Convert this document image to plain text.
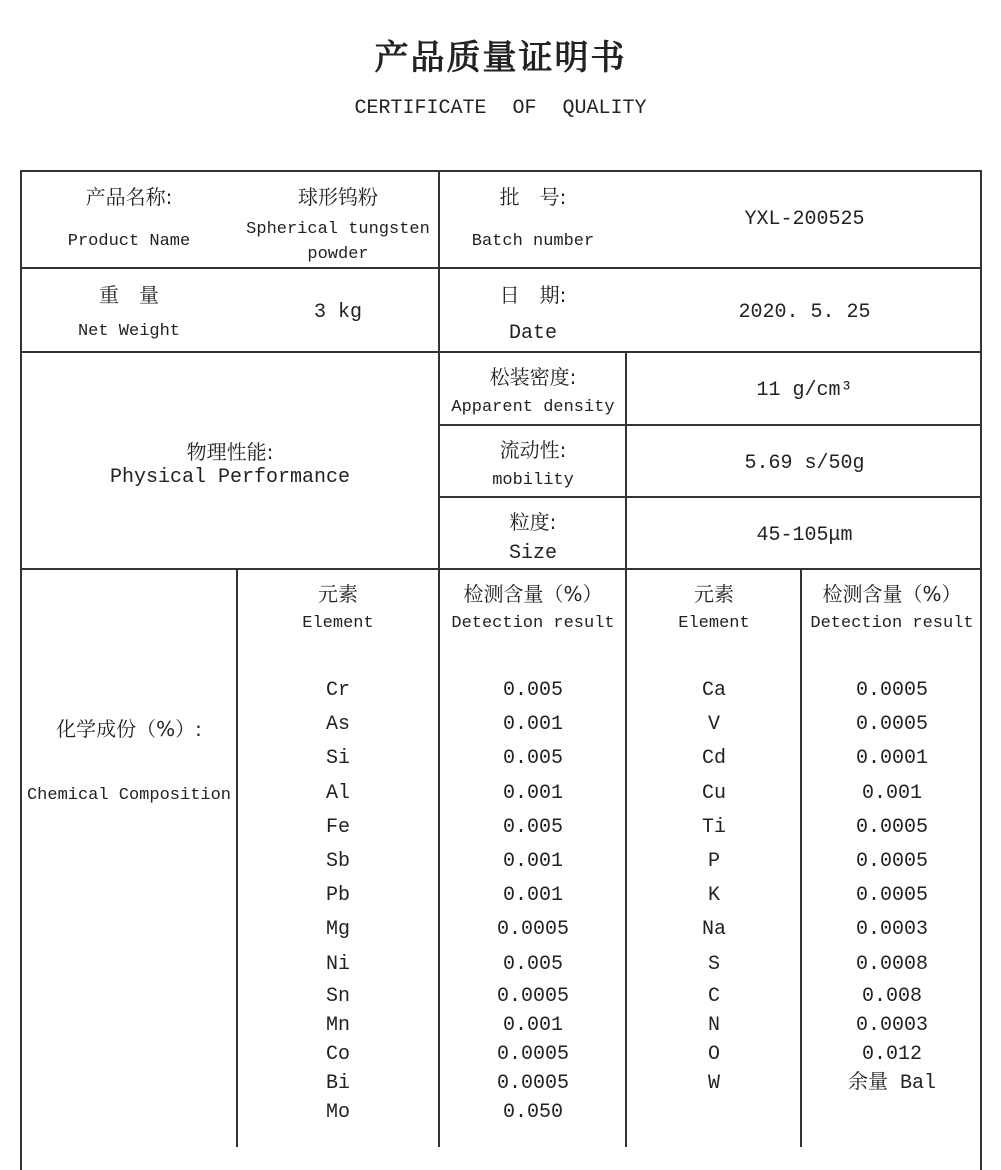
产品质量证明书
CERTIFICATE OF QUALITY
产品名称:
Product Name
球形钨粉
Spherical tungsten
powder
批　号:
Batch number
YXL-200525
重　量
Net Weight
3 kg
日　期:
Date
2020. 5. 25
物理性能:
Physical Performance
松装密度:
Apparent density
11 g/cm³
流动性:
mobility
5.69 s/50g
粒度:
Size
45-105μm
化学成份（%）:
Chemical Composition
元素
Element
检测含量（%）
Detection result
元素
Element
检测含量（%）
Detection result
Cr
As
Si
Al
Fe
Sb
Pb
Mg
Ni
Sn
Mn
Co
Bi
Mo
0.005
0.001
0.005
0.001
0.005
0.001
0.001
0.0005
0.005
0.0005
0.001
0.0005
0.0005
0.050
Ca
V
Cd
Cu
Ti
P
K
Na
S
C
N
O
W
0.0005
0.0005
0.0001
0.001
0.0005
0.0005
0.0005
0.0003
0.0008
0.008
0.0003
0.012
余量 Bal
